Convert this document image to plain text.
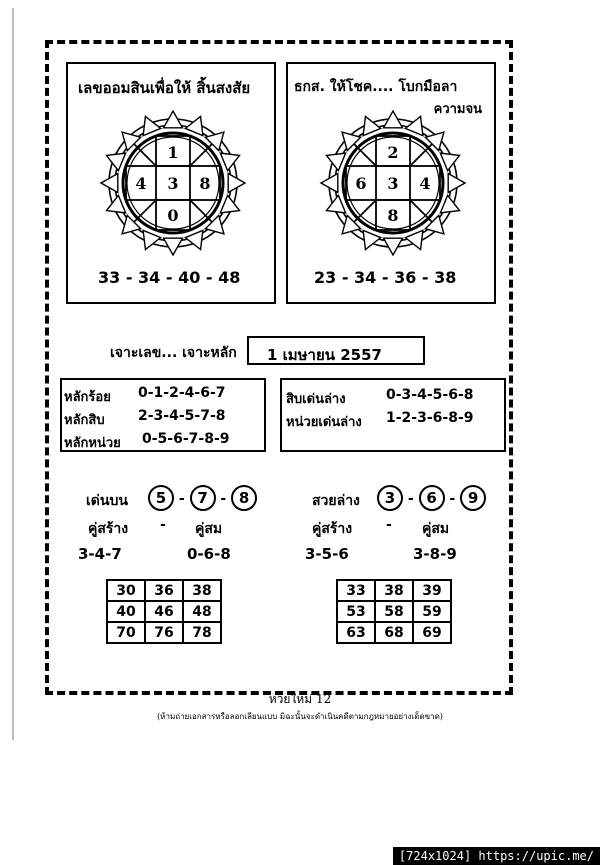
เลขออมสินเพื่อให้ สิ้นสงสัย
1
4 3 8
0
33 - 34 - 40 - 48
ธกส. ให้โชค.... โบกมือลา
ความจน
2
6 3 4
8
23 - 34 - 36 - 38
เจาะเลข... เจาะหลัก 1 เมษายน 2557
หลักร้อย 0-1-2-4-6-7
หลักสิบ 2-3-4-5-7-8
หลักหน่วย 0-5-6-7-8-9
สิบเด่นล่าง	0-3-4-5-6-8
หน่วยเด่นล่าง 1-2-3-6-8-9
เด่นบน	5 - 7 - 8
คู่สร้าง - คู่สม
3-4-7	0-6-8
30	36	38
40	46	48
70	76	78
สวยล่าง	3 - 6 - 9
คู่สร้าง - คู่สม
3-5-6	3-8-9
33	38	39
53	58	59
63	68	69
หวยใหม่ 12
(ห้ามถ่ายเอกสารหรือลอกเลียนแบบ มิฉะนั้นจะดำเนินคดีตามกฎหมายอย่างเด็ดขาด)
[724x1024] https://upic.me/
